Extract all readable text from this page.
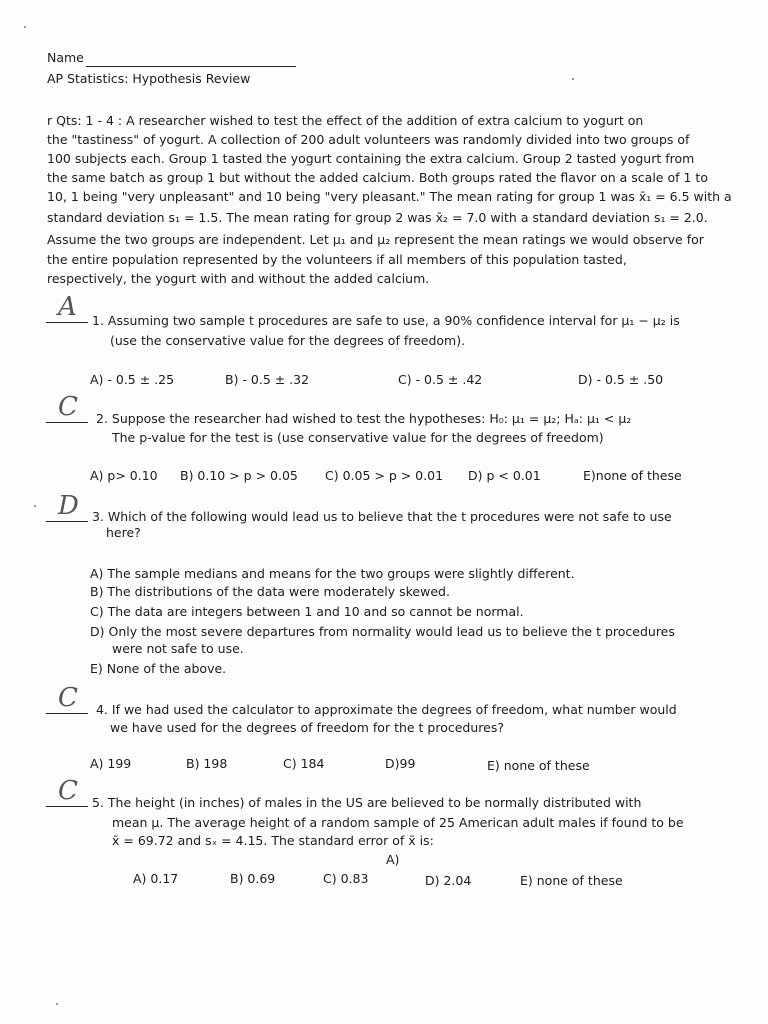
Name
AP Statistics: Hypothesis Review
r Qts: 1 - 4 : A researcher wished to test the effect of the addition of extra calcium to yogurt on
the "tastiness" of yogurt. A collection of 200 adult volunteers was randomly divided into two groups of
100 subjects each. Group 1 tasted the yogurt containing the extra calcium. Group 2 tasted yogurt from
the same batch as group 1 but without the added calcium. Both groups rated the flavor on a scale of 1 to
10, 1 being "very unpleasant" and 10 being "very pleasant." The mean rating for group 1 was x̄₁ = 6.5 with a
standard deviation s₁ = 1.5. The mean rating for group 2 was x̄₂ = 7.0 with a standard deviation s₁ = 2.0.
Assume the two groups are independent. Let μ₁ and μ₂ represent the mean ratings we would observe for
the entire population represented by the volunteers if all members of this population tasted,
respectively, the yogurt with and without the added calcium.
A 1. Assuming two sample t procedures are safe to use, a 90% confidence interval for μ₁ − μ₂ is
(use the conservative value for the degrees of freedom).
A) - 0.5 ± .25	B) - 0.5 ± .32	C) - 0.5 ± .42	D) - 0.5 ± .50
C 2. Suppose the researcher had wished to test the hypotheses: H₀: μ₁ = μ₂; Hₐ: μ₁ < μ₂
The p-value for the test is (use conservative value for the degrees of freedom)
A) p> 0.10 B) 0.10 > p > 0.05 C) 0.05 > p > 0.01 D) p < 0.01	E)none of these
D 3. Which of the following would lead us to believe that the t procedures were not safe to use
here?
A) The sample medians and means for the two groups were slightly different.
B) The distributions of the data were moderately skewed.
C) The data are integers between 1 and 10 and so cannot be normal.
D) Only the most severe departures from normality would lead us to believe the t procedures
were not safe to use.
E) None of the above.
C 4. If we had used the calculator to approximate the degrees of freedom, what number would
we have used for the degrees of freedom for the t procedures?
A) 199	B) 198	C) 184	D)99	E) none of these
C 5. The height (in inches) of males in the US are believed to be normally distributed with
mean μ. The average height of a random sample of 25 American adult males if found to be
x̄ = 69.72 and sₓ = 4.15. The standard error of x̄ is:
A)
A) 0.17	B) 0.69	C) 0.83	D) 2.04	E) none of these
